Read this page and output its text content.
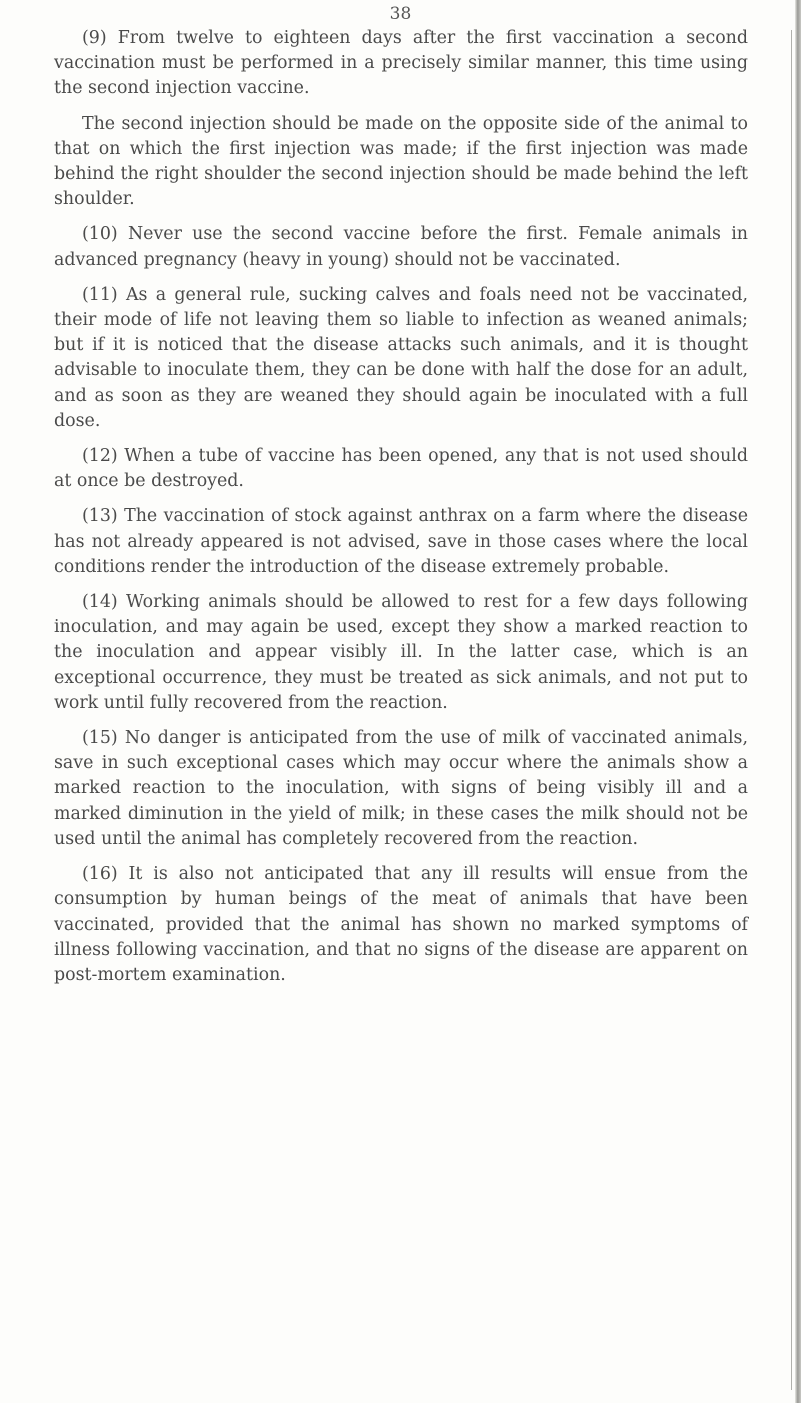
38

(9) From twelve to eighteen days after the first vaccination a second vaccination must be performed in a precisely similar manner, this time using the second injection vaccine.

The second injection should be made on the opposite side of the animal to that on which the first injection was made; if the first injection was made behind the right shoulder the second injection should be made behind the left shoulder.

(10) Never use the second vaccine before the first. Female animals in advanced pregnancy (heavy in young) should not be vaccinated.

(11) As a general rule, sucking calves and foals need not be vaccinated, their mode of life not leaving them so liable to infection as weaned animals; but if it is noticed that the disease attacks such animals, and it is thought advisable to inoculate them, they can be done with half the dose for an adult, and as soon as they are weaned they should again be inoculated with a full dose.

(12) When a tube of vaccine has been opened, any that is not used should at once be destroyed.

(13) The vaccination of stock against anthrax on a farm where the disease has not already appeared is not advised, save in those cases where the local conditions render the introduction of the disease extremely probable.

(14) Working animals should be allowed to rest for a few days following inoculation, and may again be used, except they show a marked reaction to the inoculation and appear visibly ill. In the latter case, which is an exceptional occurrence, they must be treated as sick animals, and not put to work until fully recovered from the reaction.

(15) No danger is anticipated from the use of milk of vaccinated animals, save in such exceptional cases which may occur where the animals show a marked reaction to the inoculation, with signs of being visibly ill and a marked diminution in the yield of milk; in these cases the milk should not be used until the animal has completely recovered from the reaction.

(16) It is also not anticipated that any ill results will ensue from the consumption by human beings of the meat of animals that have been vaccinated, provided that the animal has shown no marked symptoms of illness following vaccination, and that no signs of the disease are apparent on post-mortem examination.
